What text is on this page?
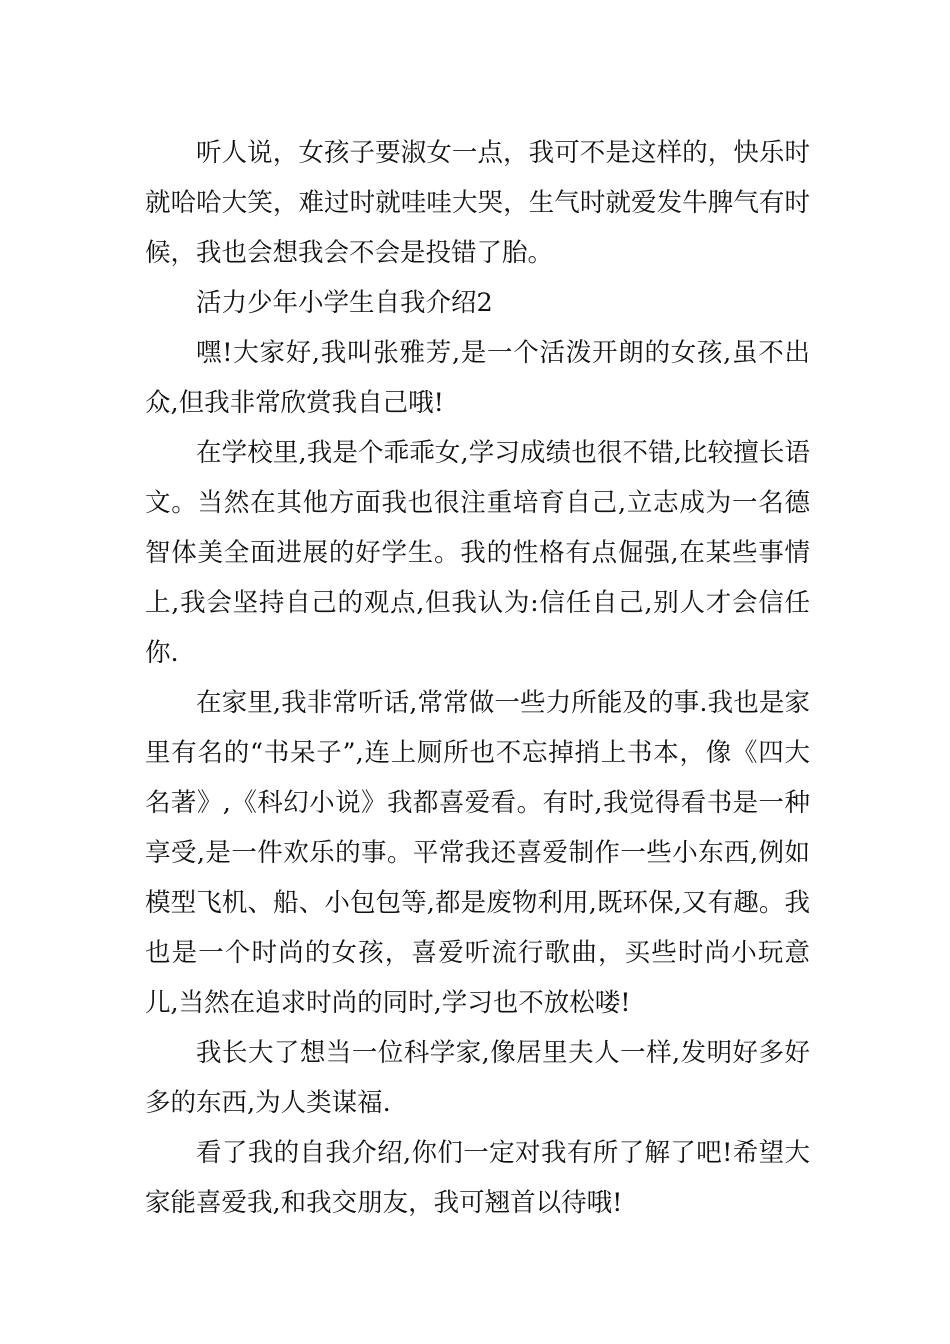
听人说，女孩子要淑女一点，我可不是这样的，快乐时就哈哈大笑，难过时就哇哇大哭，生气时就爱发牛脾气有时候，我也会想我会不会是投错了胎。

活力少年小学生自我介绍2

嘿!大家好,我叫张雅芳,是一个活泼开朗的女孩,虽不出众,但我非常欣赏我自己哦!

在学校里,我是个乖乖女,学习成绩也很不错,比较擅长语文。当然在其他方面我也很注重培育自己,立志成为一名德智体美全面进展的好学生。我的性格有点倔强,在某些事情上,我会坚持自己的观点,但我认为:信任自己,别人才会信任你.

在家里,我非常听话,常常做一些力所能及的事.我也是家里有名的“书呆子”,连上厕所也不忘掉捎上书本，像《四大名著》,《科幻小说》我都喜爱看。有时,我觉得看书是一种享受,是一件欢乐的事。平常我还喜爱制作一些小东西,例如模型飞机、船、小包包等,都是废物利用,既环保,又有趣。我也是一个时尚的女孩，喜爱听流行歌曲，买些时尚小玩意儿,当然在追求时尚的同时,学习也不放松喽!

我长大了想当一位科学家,像居里夫人一样,发明好多好多的东西,为人类谋福.

看了我的自我介绍,你们一定对我有所了解了吧!希望大家能喜爱我,和我交朋友，我可翘首以待哦!
